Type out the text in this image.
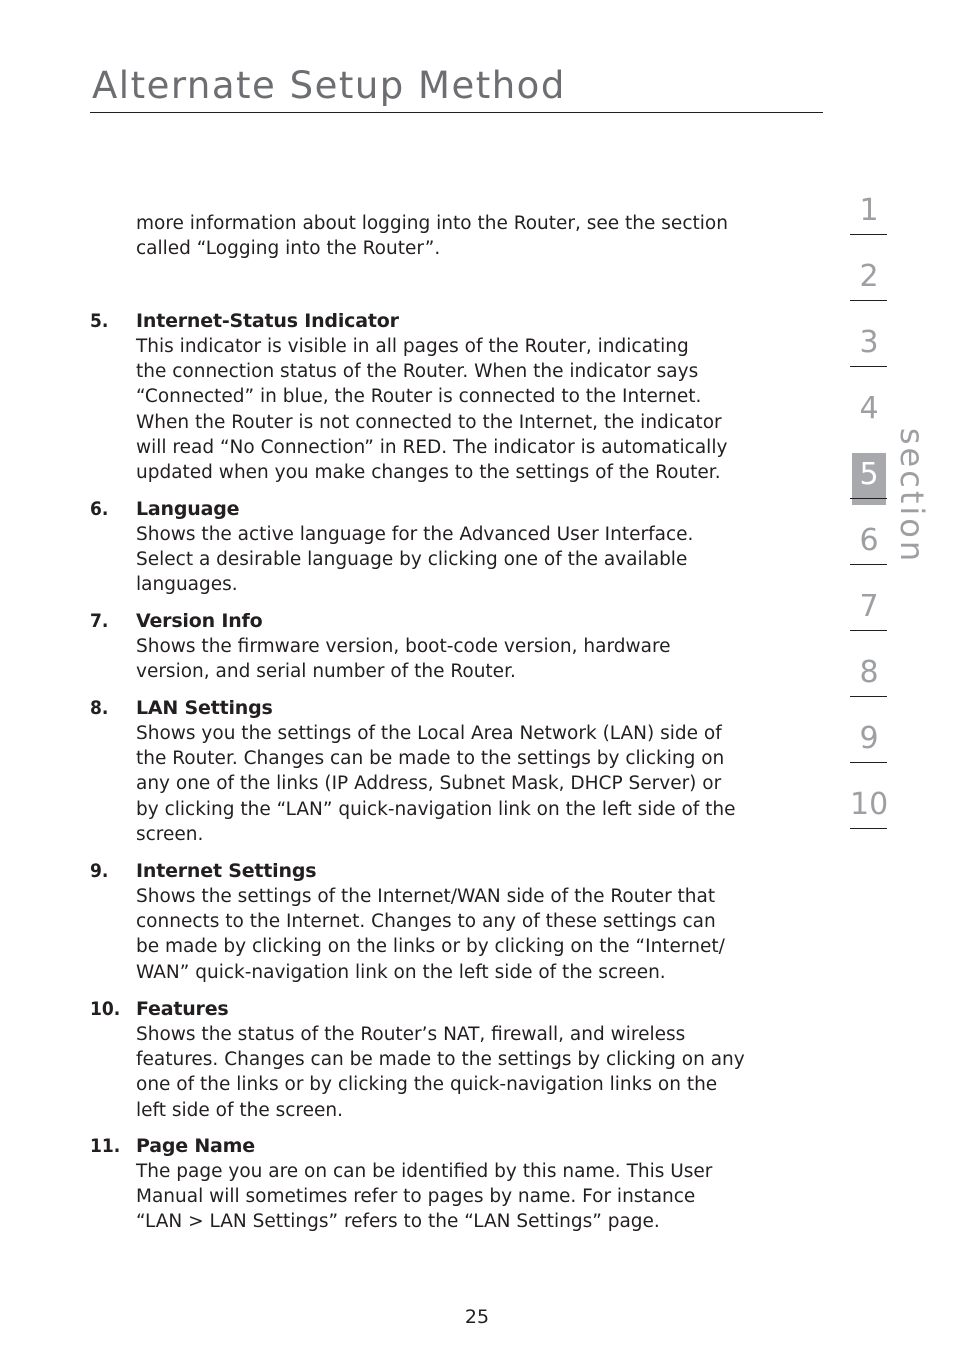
Alternate Setup Method

more information about logging into the Router, see the section
called “Logging into the Router”.

5. Internet-Status Indicator

This indicator is visible in all pages of the Router, indicating

the connection status of the Router. When the indicator says

“Connected” in blue, the Router is connected to the Internet.

When the Router is not connected to the Internet, the indicator

will read “No Connection” in RED. The indicator is automatically

updated when you make changes to the settings of the Router.

6. Language

Shows the active language for the Advanced User Interface.

Select a desirable language by clicking one of the available

languages.

7. Version Info

Shows the firmware version, boot-code version, hardware

version, and serial number of the Router.

8. LAN Settings

Shows you the settings of the Local Area Network (LAN) side of

the Router. Changes can be made to the settings by clicking on

any one of the links (IP Address, Subnet Mask, DHCP Server) or

by clicking the “LAN” quick-navigation link on the left side of the

screen.

9. Internet Settings

Shows the settings of the Internet/WAN side of the Router that

connects to the Internet. Changes to any of these settings can

be made by clicking on the links or by clicking on the “Internet/

WAN” quick-navigation link on the left side of the screen.

10. Features

Shows the status of the Router’s NAT, firewall, and wireless

features. Changes can be made to the settings by clicking on any

one of the links or by clicking the quick-navigation links on the

left side of the screen.

11. Page Name

The page you are on can be identified by this name. This User

Manual will sometimes refer to pages by name. For instance

“LAN > LAN Settings” refers to the “LAN Settings” page.

1
2
3
4
5
6
7
8
9
10
section
25
